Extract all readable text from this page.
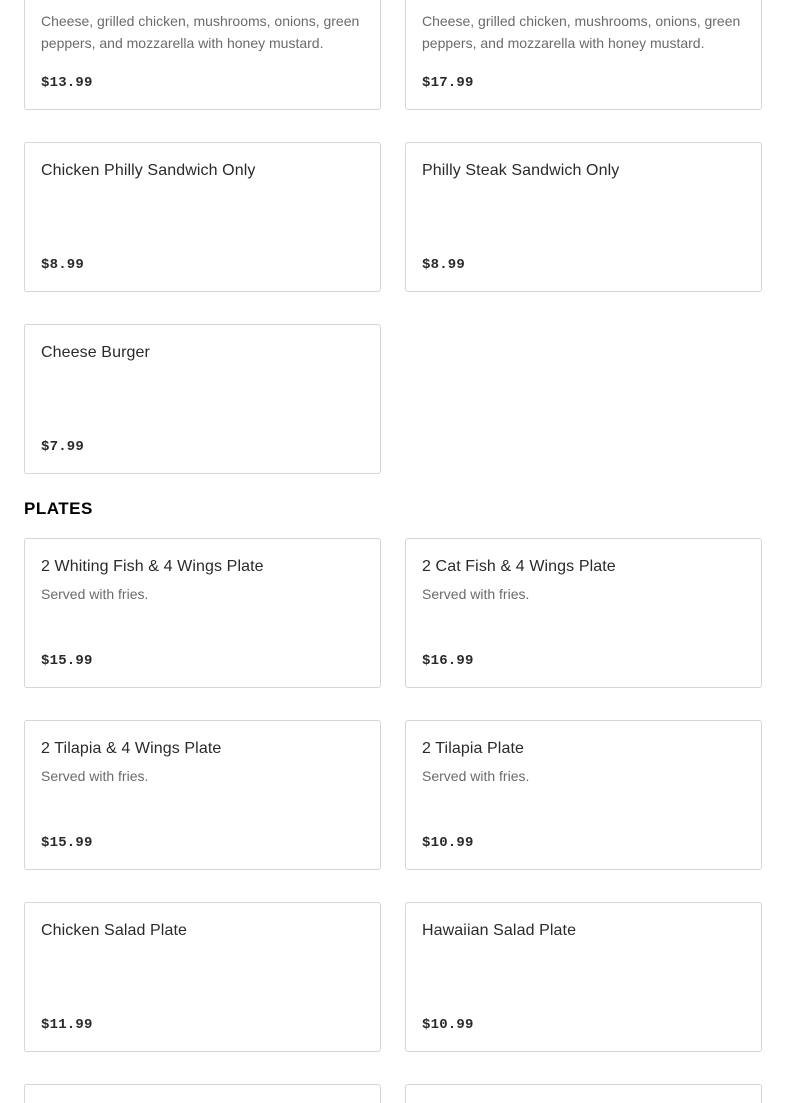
Cheese, grilled chicken, mushrooms, onions, green peppers, and mozzarella with honey mustard.
$13.99
Cheese, grilled chicken, mushrooms, onions, green peppers, and mozzarella with honey mustard.
$17.99
Chicken Philly Sandwich Only
$8.99
Philly Steak Sandwich Only
$8.99
Cheese Burger
$7.99
PLATES
2 Whiting Fish & 4 Wings Plate
Served with fries.
$15.99
2 Cat Fish & 4 Wings Plate
Served with fries.
$16.99
2 Tilapia & 4 Wings Plate
Served with fries.
$15.99
2 Tilapia Plate
Served with fries.
$10.99
Chicken Salad Plate
$11.99
Hawaiian Salad Plate
$10.99
